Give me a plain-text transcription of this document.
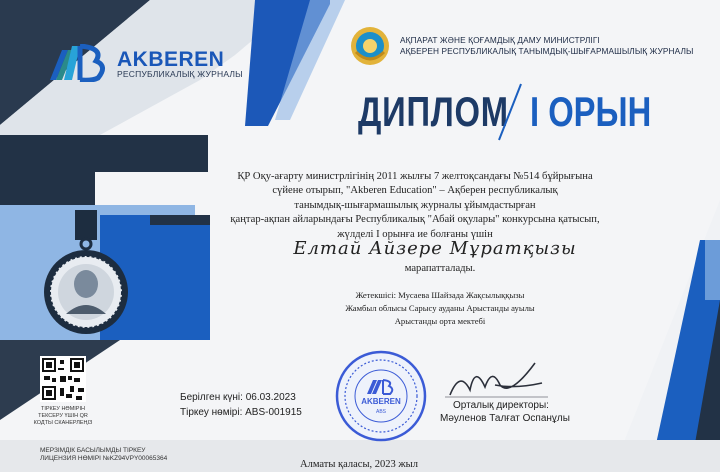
AKBEREN
РЕСПУБЛИКАЛЫҚ ЖУРНАЛЫ
АҚПАРАТ ЖӘНЕ ҚОҒАМДЫҚ ДАМУ МИНИСТРЛІГІ
АҚБЕРЕН РЕСПУБЛИКАЛЫҚ ТАНЫМДЫҚ-ШЫҒАРМАШЫЛЫҚ ЖУРНАЛЫ
ДИПЛОМ I ОРЫН
ТІРКЕУ НӨМІРІН ТЕКСЕРУ ҮШІН QR КОДТЫ СКАНЕРЛЕҢІЗ
МЕРЗІМДІК БАСЫЛЫМДЫ ТІРКЕУ
ЛИЦЕНЗИЯ НӨМІРІ №KZ94VPY00065364
ҚР Оқу-ағарту министрлігінің 2011 жылғы 7 желтоқсандағы №514 бұйрығына
сүйене отырып, "Akberen Education" – Ақберен республикалық
танымдық-шығармашылық журналы ұйымдастырған
қаңтар-ақпан айларындағы Республикалық "Абай оқулары" конкурсына қатысып,
жүлделі I орынға ие болғаны үшін
Елтай Айзере Мұратқызы
марапатталады.
Жетекшісі: Мусаева Шайзада Жақсылыққызы
Жамбыл облысы Сарысу ауданы Арыстанды ауылы
Арыстанды орта мектебі
Берілген күні: 06.03.2023
Тіркеу нөмірі: ABS-001915
AKBEREN
ABS
Орталық директоры:
Мәуленов Талғат Оспанұлы
Алматы қаласы, 2023 жыл
